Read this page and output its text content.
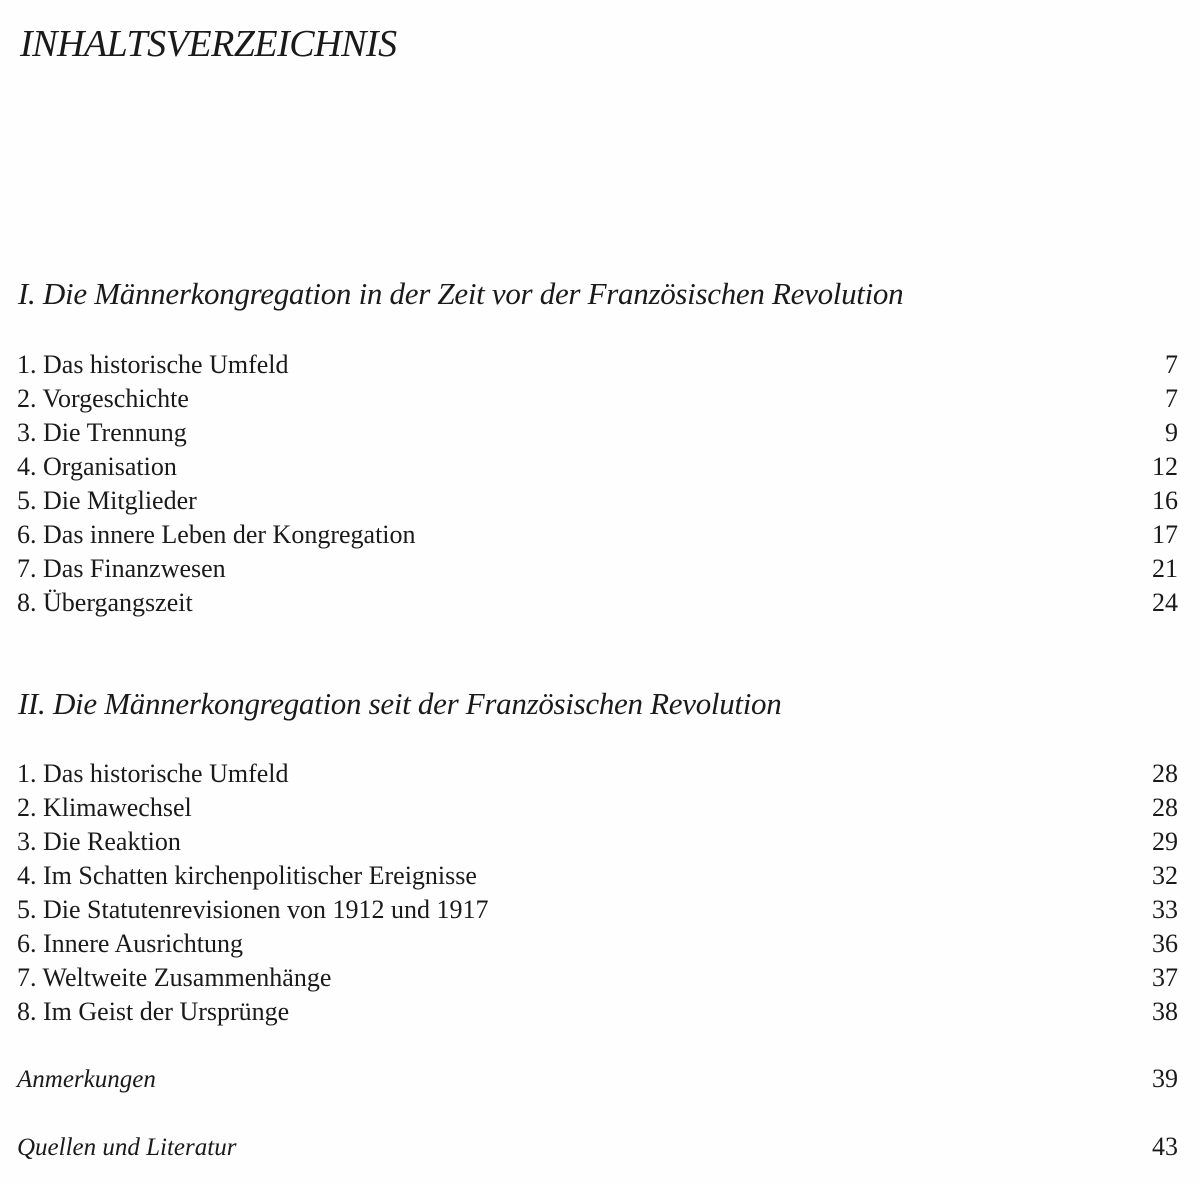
INHALTSVERZEICHNIS
I. Die Männerkongregation in der Zeit vor der Französischen Revolution
1. Das historische Umfeld	7
2. Vorgeschichte	7
3. Die Trennung	9
4. Organisation	12
5. Die Mitglieder	16
6. Das innere Leben der Kongregation	17
7. Das Finanzwesen	21
8. Übergangszeit	24
II. Die Männerkongregation seit der Französischen Revolution
1. Das historische Umfeld	28
2. Klimawechsel	28
3. Die Reaktion	29
4. Im Schatten kirchenpolitischer Ereignisse	32
5. Die Statutenrevisionen von 1912 und 1917	33
6. Innere Ausrichtung	36
7. Weltweite Zusammenhänge	37
8. Im Geist der Ursprünge	38
Anmerkungen	39
Quellen und Literatur	43
